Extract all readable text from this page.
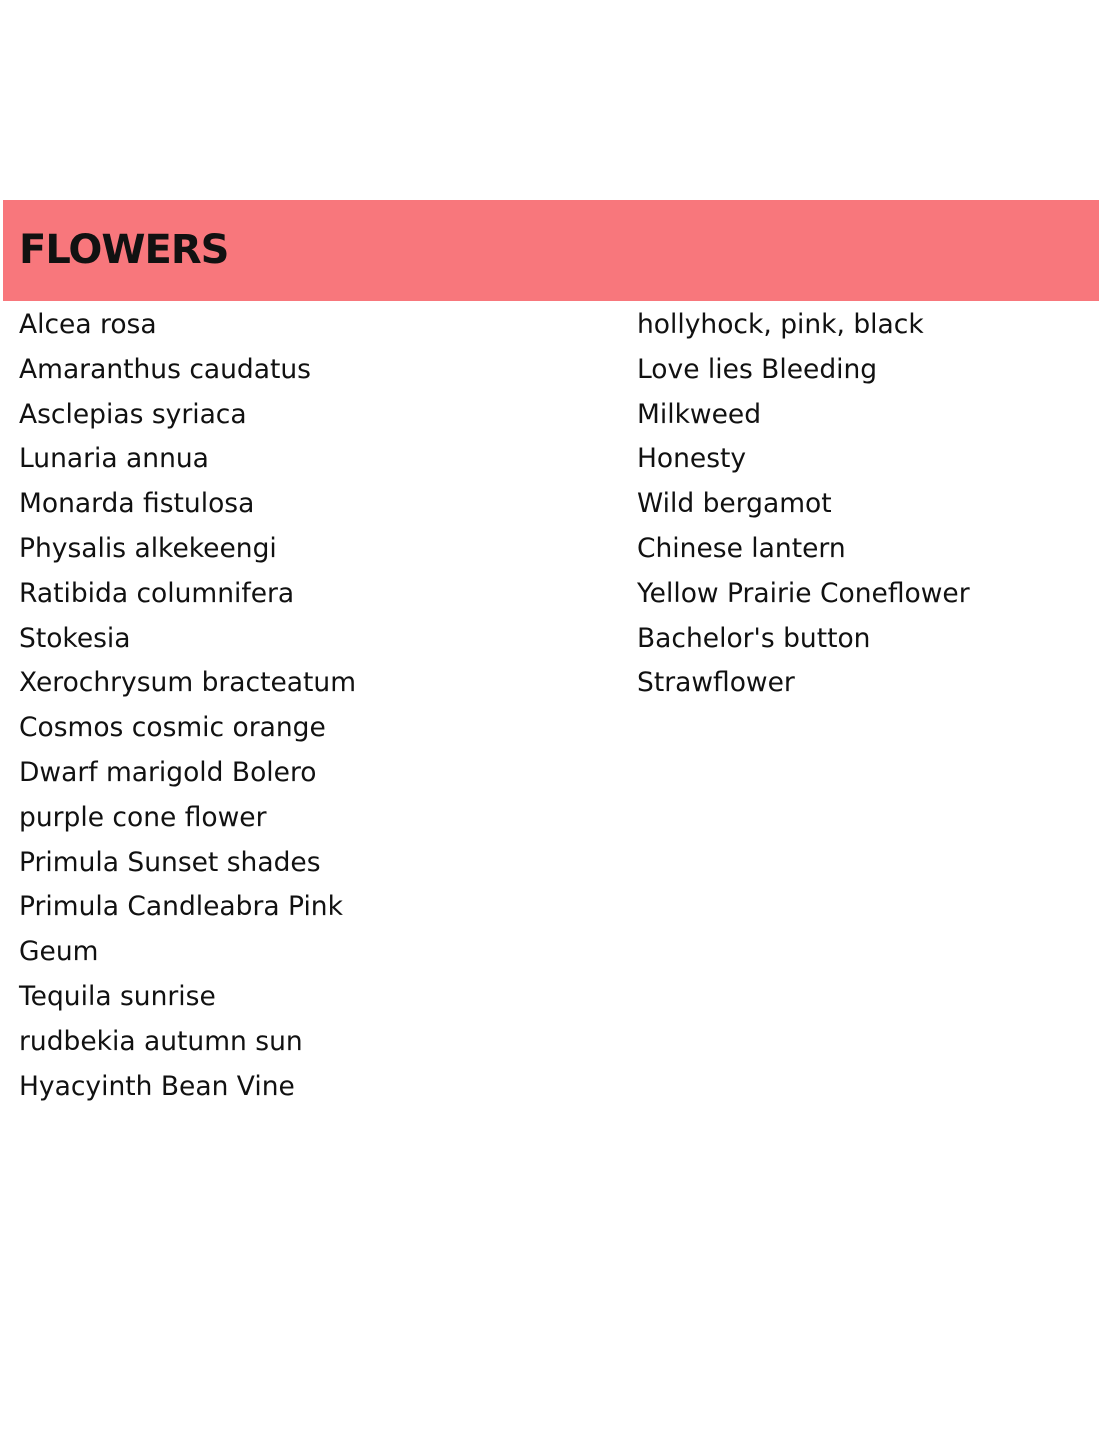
FLOWERS
Alcea rosa
Amaranthus caudatus
Asclepias syriaca
Lunaria annua
Monarda fistulosa
Physalis alkekeengi
Ratibida columnifera
Stokesia
Xerochrysum bracteatum
Cosmos cosmic orange
Dwarf marigold Bolero
purple cone flower
Primula Sunset shades
Primula Candleabra Pink
Geum
Tequila sunrise
rudbekia autumn sun
Hyacyinth Bean Vine
hollyhock, pink, black
Love lies Bleeding
Milkweed
Honesty
Wild bergamot
Chinese lantern
Yellow Prairie Coneflower
Bachelor's button
Strawflower
